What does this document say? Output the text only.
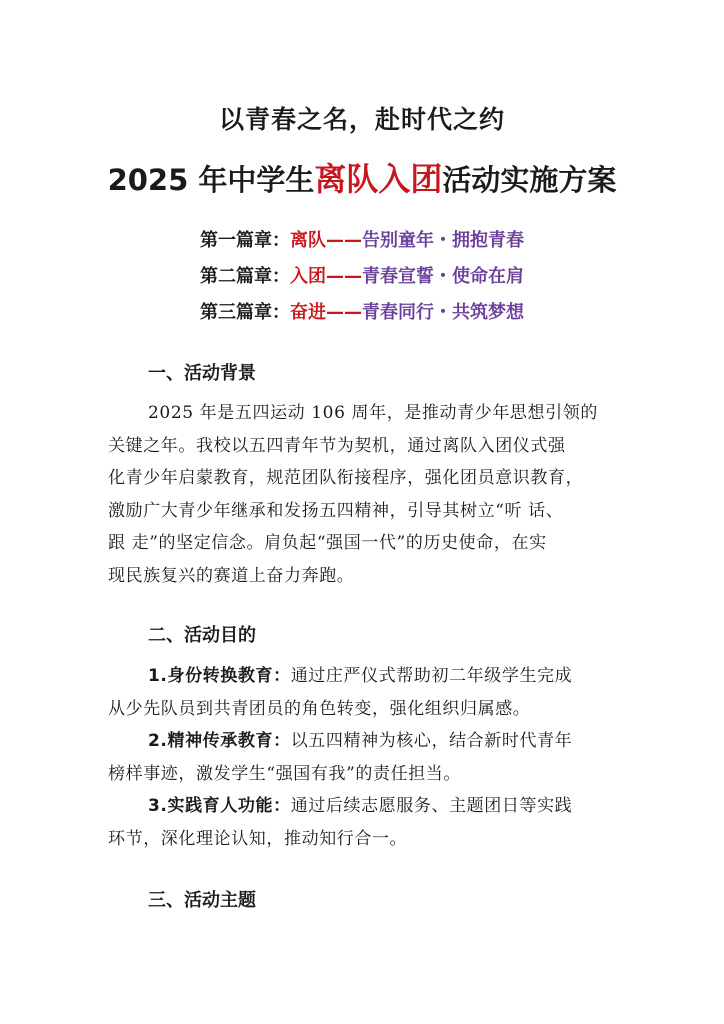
以青春之名，赴时代之约
2025 年中学生离队入团活动实施方案
第一篇章：离队——告别童年・拥抱青春
第二篇章：入团——青春宣誓・使命在肩
第三篇章：奋进——青春同行・共筑梦想
一、活动背景
2025 年是五四运动 106 周年，是推动青少年思想引领的
关键之年。我校以五四青年节为契机，通过离队入团仪式强
化青少年启蒙教育，规范团队衔接程序，强化团员意识教育，
激励广大青少年继承和发扬五四精神，引导其树立“听 话、
跟 走”的坚定信念。肩负起“强国一代”的历史使命，在实
现民族复兴的赛道上奋力奔跑。
二、活动目的
1.身份转换教育：通过庄严仪式帮助初二年级学生完成
从少先队员到共青团员的角色转变，强化组织归属感。
2.精神传承教育：以五四精神为核心，结合新时代青年
榜样事迹，激发学生“强国有我”的责任担当。
3.实践育人功能：通过后续志愿服务、主题团日等实践
环节，深化理论认知，推动知行合一。
三、活动主题
